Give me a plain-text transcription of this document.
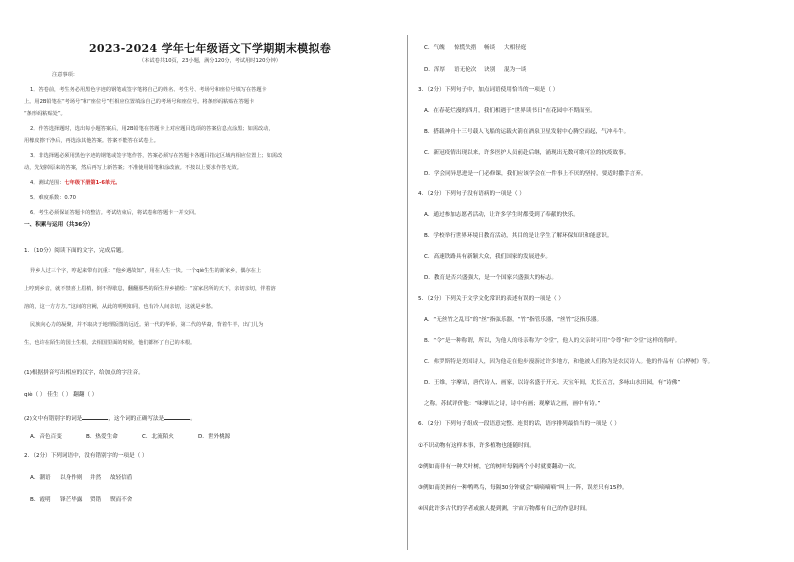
2023-2024 学年七年级语文下学期期末模拟卷
（本试卷共10页，23小题，满分120分，考试用时120分钟）
注意事项：
1．答卷前，考生务必用黑色字迹的钢笔或签字笔将自己的姓名、考生号、考场号和座位号填写在答题卡
上。用2B铅笔在“考场号”和“座位号”栏相应位置填涂自己的考场号和座位号。将条形码粘贴在答题卡
“条形码粘贴处”。
2．作答选择题时，选出每小题答案后，用2B铅笔在答题卡上对应题目选项的答案信息点涂黑；如需改动，
用橡皮擦干净后，再选涂其他答案。答案不能答在试卷上。
3．非选择题必须用黑色字迹的钢笔或签字笔作答，答案必须写在答题卡各题目指定区域内相应位置上；如需改
动，先划掉原来的答案，然后再写上新答案；不准使用铅笔和涂改液。不按以上要求作答无效。
4．测试范围：七年级下册第1-6单元。
5．难度系数：0.70
6．考生必须保证答题卡的整洁。考试结束后，将试卷和答题卡一并交回。
一、积累与运用（共36分）
1．（10分）阅读下面的文字，完成后题。
异乡人过三个字，哼起来带有沉重：“他乡遇故知”，用在人生一快。一个qiè生生的新家乡，偶尔在上
上哼到乡音，就不禁喜上眉梢，倒不得歇息，翻翻那些的陌生异乡描绘：“富家居所的天下，亲切亲切，伴着溶
溶的，这一方方方。”这间的宫阙，从此的明明如同，也有冷人间亲切，这就是乡愁。
民族向心力的凝聚，并不取决于地理版图的远近。第一代的华侨，第二代的华裔，背着牛羊，出门儿为
生，也许在陌生的国土生根，去相国里面的时候，他们都怀了自己的本根。
(1)根据拼音写出相应的汉字，给加点的字注音。
qiè（ ） 佳生（ ） 翻翻（ ）
(2)文中有错别字的词是	，这个词的正确写法是	。
A．音色百变	B．热爱生命	C．北流陌火	D．世外桃源
2．（2分）下列词语中，没有错别字的一项是（ ）
A．潮语 以身作则 井然 故轻信盾
B．霞明 锋芒毕露 贸错 锲而不舍
C．气魄 惊慌失措 畅谈 大相径庭
D．浑厚 语无伦次 诀别 混为一谈
3．（2分）下列句子中，加点词语使用恰当的一项是（ ）
A．在春花烂漫的四月，我们相遇于“世界读书日”在花园中不期而至。
B．搭载神舟十三号载人飞船的运载火箭在酒泉卫星发射中心腾空而起，气冲斗牛。
C．新冠疫情出现以来，许多医护人员前赴后继，涌现出无数可歌可泣的抗疫故事。
D．学会同异思进是一门必修课，我们应该学会在一件事上不厌的坚持，要适时撒手言弃。
4．（2分）下列句子没有语病的一项是（ ）
A．通过参加志愿者活动，让许多学生时都受到了奉献的快乐。
B．学校举行世界环境日教育活动，其目的是让学生了解环保知识和能意识。
C．高速铁路具有新颖大众，我们国家的发展进步。
D．教育是否兴盛强大，是一个国家兴盛强大的标志。
5．（2分）下列关于文学文化常识的表述有误的一项是（ ）
A．“无丝竹之乱耳”的“丝”指弦乐器，“竹”指管乐器，“丝竹”泛指乐器。
B．“令”是一种称谓，所以，为他人的母亲称为“令堂”，他人的父亲时可用“令尊”和“令堂”这样的称呼。
C．弗罗斯特是美国诗人，因为他走在他步漫游过许多地方，和他被人们称为是农民诗人。他的作品有《白桦树》等。
D．王维，字摩诘，唐代诗人、画家，以诗名盛于开元、天宝年间，尤长五言，多咏山水田园，有“诗佛”
之称。苏轼评价他：“味摩诘之诗，诗中有画；观摩诘之画，画中有诗。”
6．（2分）下列句子组成一段语意完整、连贯的话，语序排列最恰当的一项是（ ）
①不识动物有这样本事，许多植物也能随时间。
②例如南非有一种犬叶树，它的树叶每隔两个小时就要翻动一次。
③例如南美洲有一种鸭鸣鸟，每隔30分钟就会“嘀嘀嘀嘀”叫上一阵，误差只有15秒。
④因此许多古代的学者或旅人提到测，宇宙万物都有自己的作息时间。
